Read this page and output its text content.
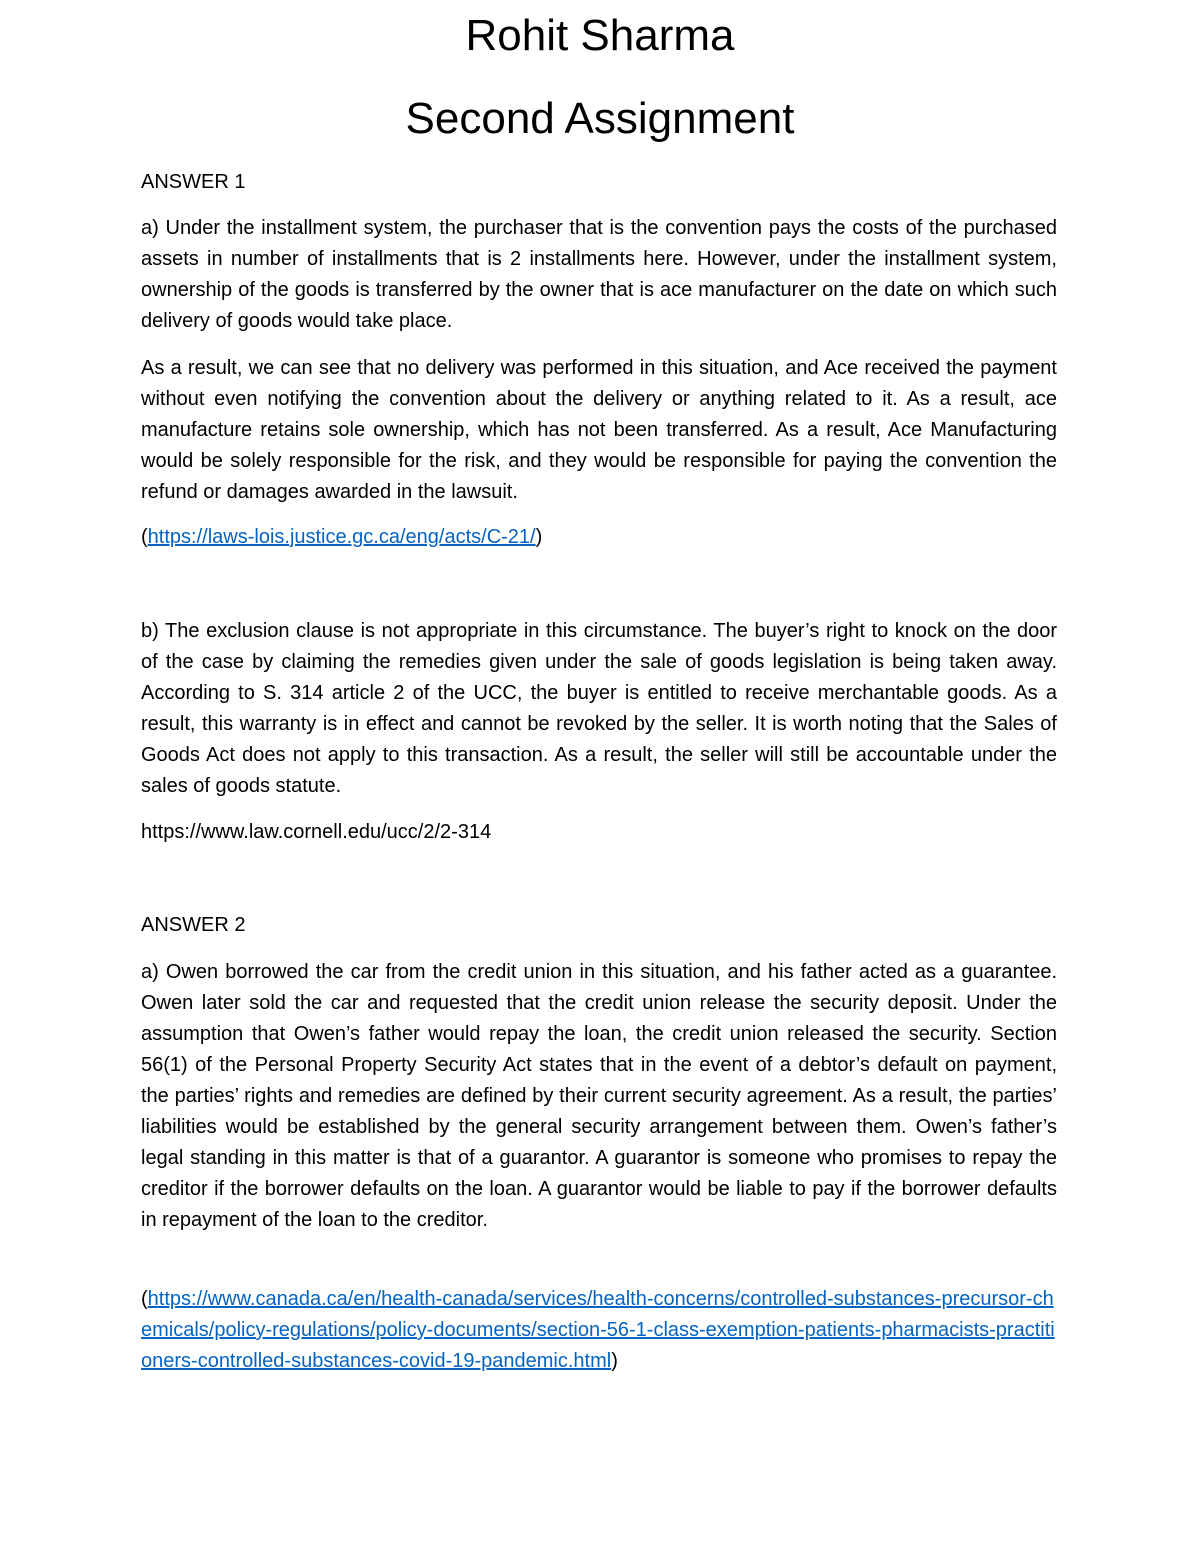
Rohit Sharma
Second Assignment

ANSWER 1

a) Under the installment system, the purchaser that is the convention pays the costs of the purchased assets in number of installments that is 2 installments here. However, under the installment system, ownership of the goods is transferred by the owner that is ace manufacturer on the date on which such delivery of goods would take place.

As a result, we can see that no delivery was performed in this situation, and Ace received the payment without even notifying the convention about the delivery or anything related to it. As a result, ace manufacture retains sole ownership, which has not been transferred. As a result, Ace Manufacturing would be solely responsible for the risk, and they would be responsible for paying the convention the refund or damages awarded in the lawsuit.

(https://laws-lois.justice.gc.ca/eng/acts/C-21/)

b) The exclusion clause is not appropriate in this circumstance. The buyer’s right to knock on the door of the case by claiming the remedies given under the sale of goods legislation is being taken away. According to S. 314 article 2 of the UCC, the buyer is entitled to receive merchantable goods. As a result, this warranty is in effect and cannot be revoked by the seller. It is worth noting that the Sales of Goods Act does not apply to this transaction. As a result, the seller will still be accountable under the sales of goods statute.

https://www.law.cornell.edu/ucc/2/2-314

ANSWER 2

a) Owen borrowed the car from the credit union in this situation, and his father acted as a guarantee. Owen later sold the car and requested that the credit union release the security deposit. Under the assumption that Owen’s father would repay the loan, the credit union released the security. Section 56(1) of the Personal Property Security Act states that in the event of a debtor’s default on payment, the parties’ rights and remedies are defined by their current security agreement. As a result, the parties’ liabilities would be established by the general security arrangement between them. Owen’s father’s legal standing in this matter is that of a guarantor. A guarantor is someone who promises to repay the creditor if the borrower defaults on the loan. A guarantor would be liable to pay if the borrower defaults in repayment of the loan to the creditor.

(https://www.canada.ca/en/health-canada/services/health-concerns/controlled-substances-precursor-chemicals/policy-regulations/policy-documents/section-56-1-class-exemption-patients-pharmacists-practitioners-controlled-substances-covid-19-pandemic.html)
